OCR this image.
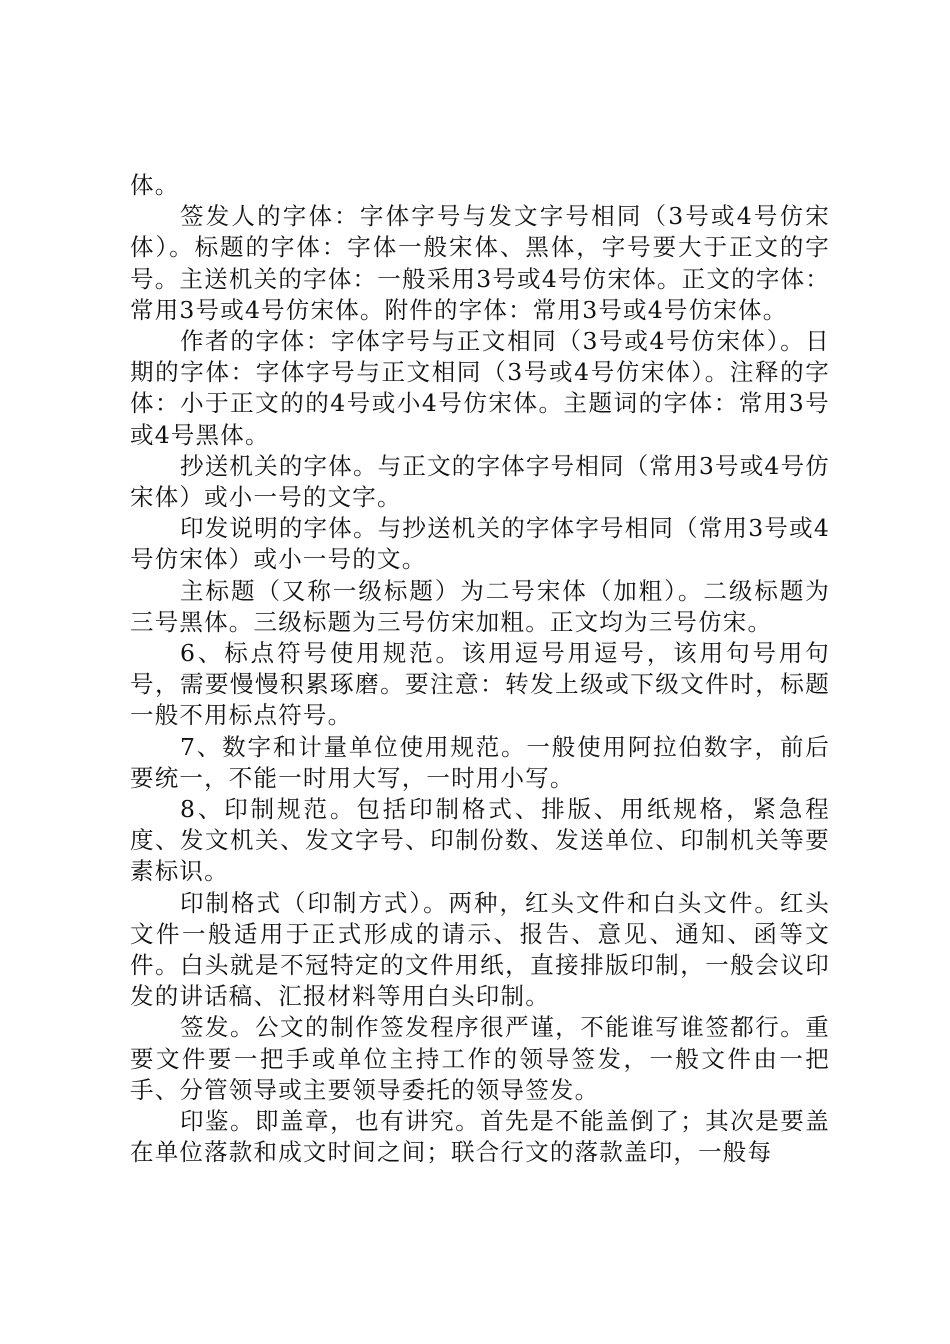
体。

签发人的字体：字体字号与发文字号相同（3号或4号仿宋体）。标题的字体：字体一般宋体、黑体，字号要大于正文的字号。主送机关的字体：一般采用3号或4号仿宋体。正文的字体：常用3号或4号仿宋体。附件的字体：常用3号或4号仿宋体。

作者的字体：字体字号与正文相同（3号或4号仿宋体）。日期的字体：字体字号与正文相同（3号或4号仿宋体）。注释的字体：小于正文的的4号或小4号仿宋体。主题词的字体：常用3号或4号黑体。

抄送机关的字体。与正文的字体字号相同（常用3号或4号仿宋体）或小一号的文字。

印发说明的字体。与抄送机关的字体字号相同（常用3号或4号仿宋体）或小一号的文。

主标题（又称一级标题）为二号宋体（加粗）。二级标题为三号黑体。三级标题为三号仿宋加粗。正文均为三号仿宋。

6、标点符号使用规范。该用逗号用逗号，该用句号用句号，需要慢慢积累琢磨。要注意：转发上级或下级文件时，标题一般不用标点符号。

7、数字和计量单位使用规范。一般使用阿拉伯数字，前后要统一，不能一时用大写，一时用小写。

8、印制规范。包括印制格式、排版、用纸规格，紧急程度、发文机关、发文字号、印制份数、发送单位、印制机关等要素标识。

印制格式（印制方式）。两种，红头文件和白头文件。红头文件一般适用于正式形成的请示、报告、意见、通知、函等文件。白头就是不冠特定的文件用纸，直接排版印制，一般会议印发的讲话稿、汇报材料等用白头印制。

签发。公文的制作签发程序很严谨，不能谁写谁签都行。重要文件要一把手或单位主持工作的领导签发，一般文件由一把手、分管领导或主要领导委托的领导签发。

印鉴。即盖章，也有讲究。首先是不能盖倒了；其次是要盖在单位落款和成文时间之间；联合行文的落款盖印，一般每
